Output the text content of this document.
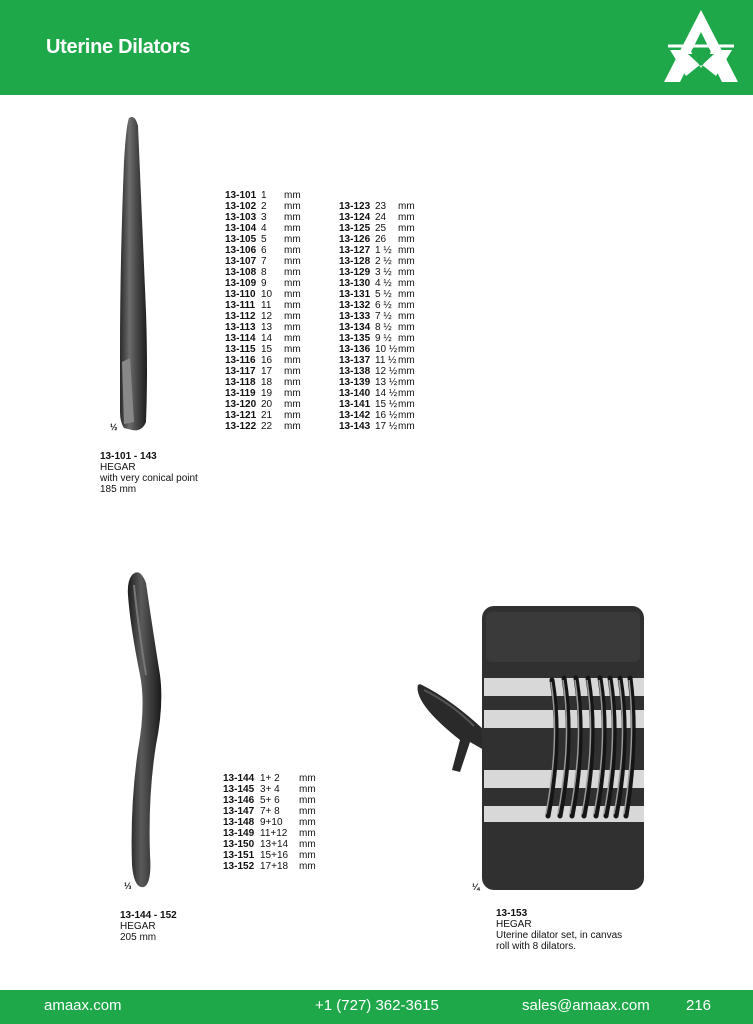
Uterine Dilators
½
13-101 1 mm
13-102 2 mm
13-103 3 mm
13-104 4 mm
13-105 5 mm
13-106 6 mm
13-107 7 mm
13-108 8 mm
13-109 9 mm
13-110 10 mm
13-111 11 mm
13-112 12 mm
13-113 13 mm
13-114 14 mm
13-115 15 mm
13-116 16 mm
13-117 17 mm
13-118 18 mm
13-119 19 mm
13-120 20 mm
13-121 21 mm
13-122 22 mm
13-123 23 mm
13-124 24 mm
13-125 25 mm
13-126 26 mm
13-127 1 ½ mm
13-128 2 ½ mm
13-129 3 ½ mm
13-130 4 ½ mm
13-131 5 ½ mm
13-132 6 ½ mm
13-133 7 ½ mm
13-134 8 ½ mm
13-135 9 ½ mm
13-136 10 ½mm
13-137 11 ½ mm
13-138 12 ½mm
13-139 13 ½mm
13-140 14 ½mm
13-141 15 ½mm
13-142 16 ½mm
13-143 17 ½mm
13-101 - 143
HEGAR
with very conical point
185 mm
⅓
13-144 1+ 2 mm
13-145 3+ 4 mm
13-146 5+ 6 mm
13-147 7+ 8 mm
13-148 9+10 mm
13-149 11+12 mm
13-150 13+14 mm
13-151 15+16 mm
13-152 17+18 mm
13-144 - 152
HEGAR
205 mm
¼
13-153
HEGAR
Uterine dilator set, in canvas
roll with 8 dilators.
amaax.com	+1 (727) 362-3615	sales@amaax.com 216
